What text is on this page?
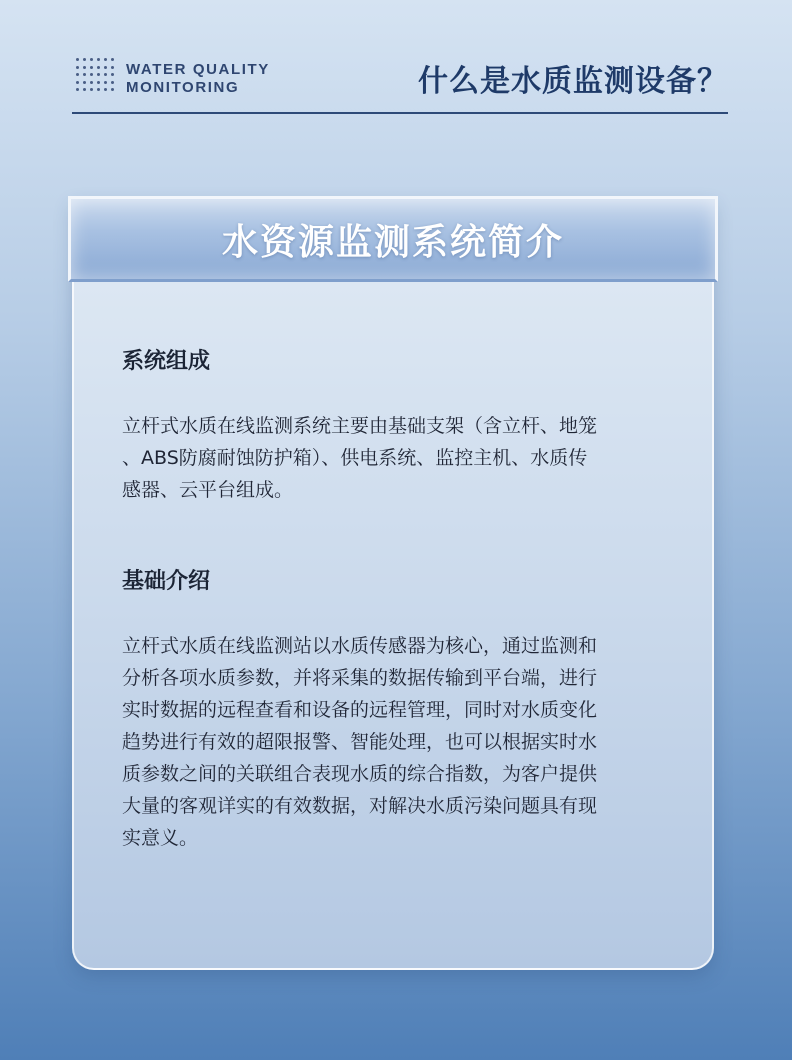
WATER QUALITY
MONITORING	什么是水质监测设备？
水资源监测系统简介
系统组成
立杆式水质在线监测系统主要由基础支架（含立杆、地笼
、ABS防腐耐蚀防护箱）、供电系统、监控主机、水质传
感器、云平台组成。
基础介绍
立杆式水质在线监测站以水质传感器为核心，通过监测和
分析各项水质参数，并将采集的数据传输到平台端，进行
实时数据的远程查看和设备的远程管理，同时对水质变化
趋势进行有效的超限报警、智能处理，也可以根据实时水
质参数之间的关联组合表现水质的综合指数，为客户提供
大量的客观详实的有效数据，对解决水质污染问题具有现
实意义。
